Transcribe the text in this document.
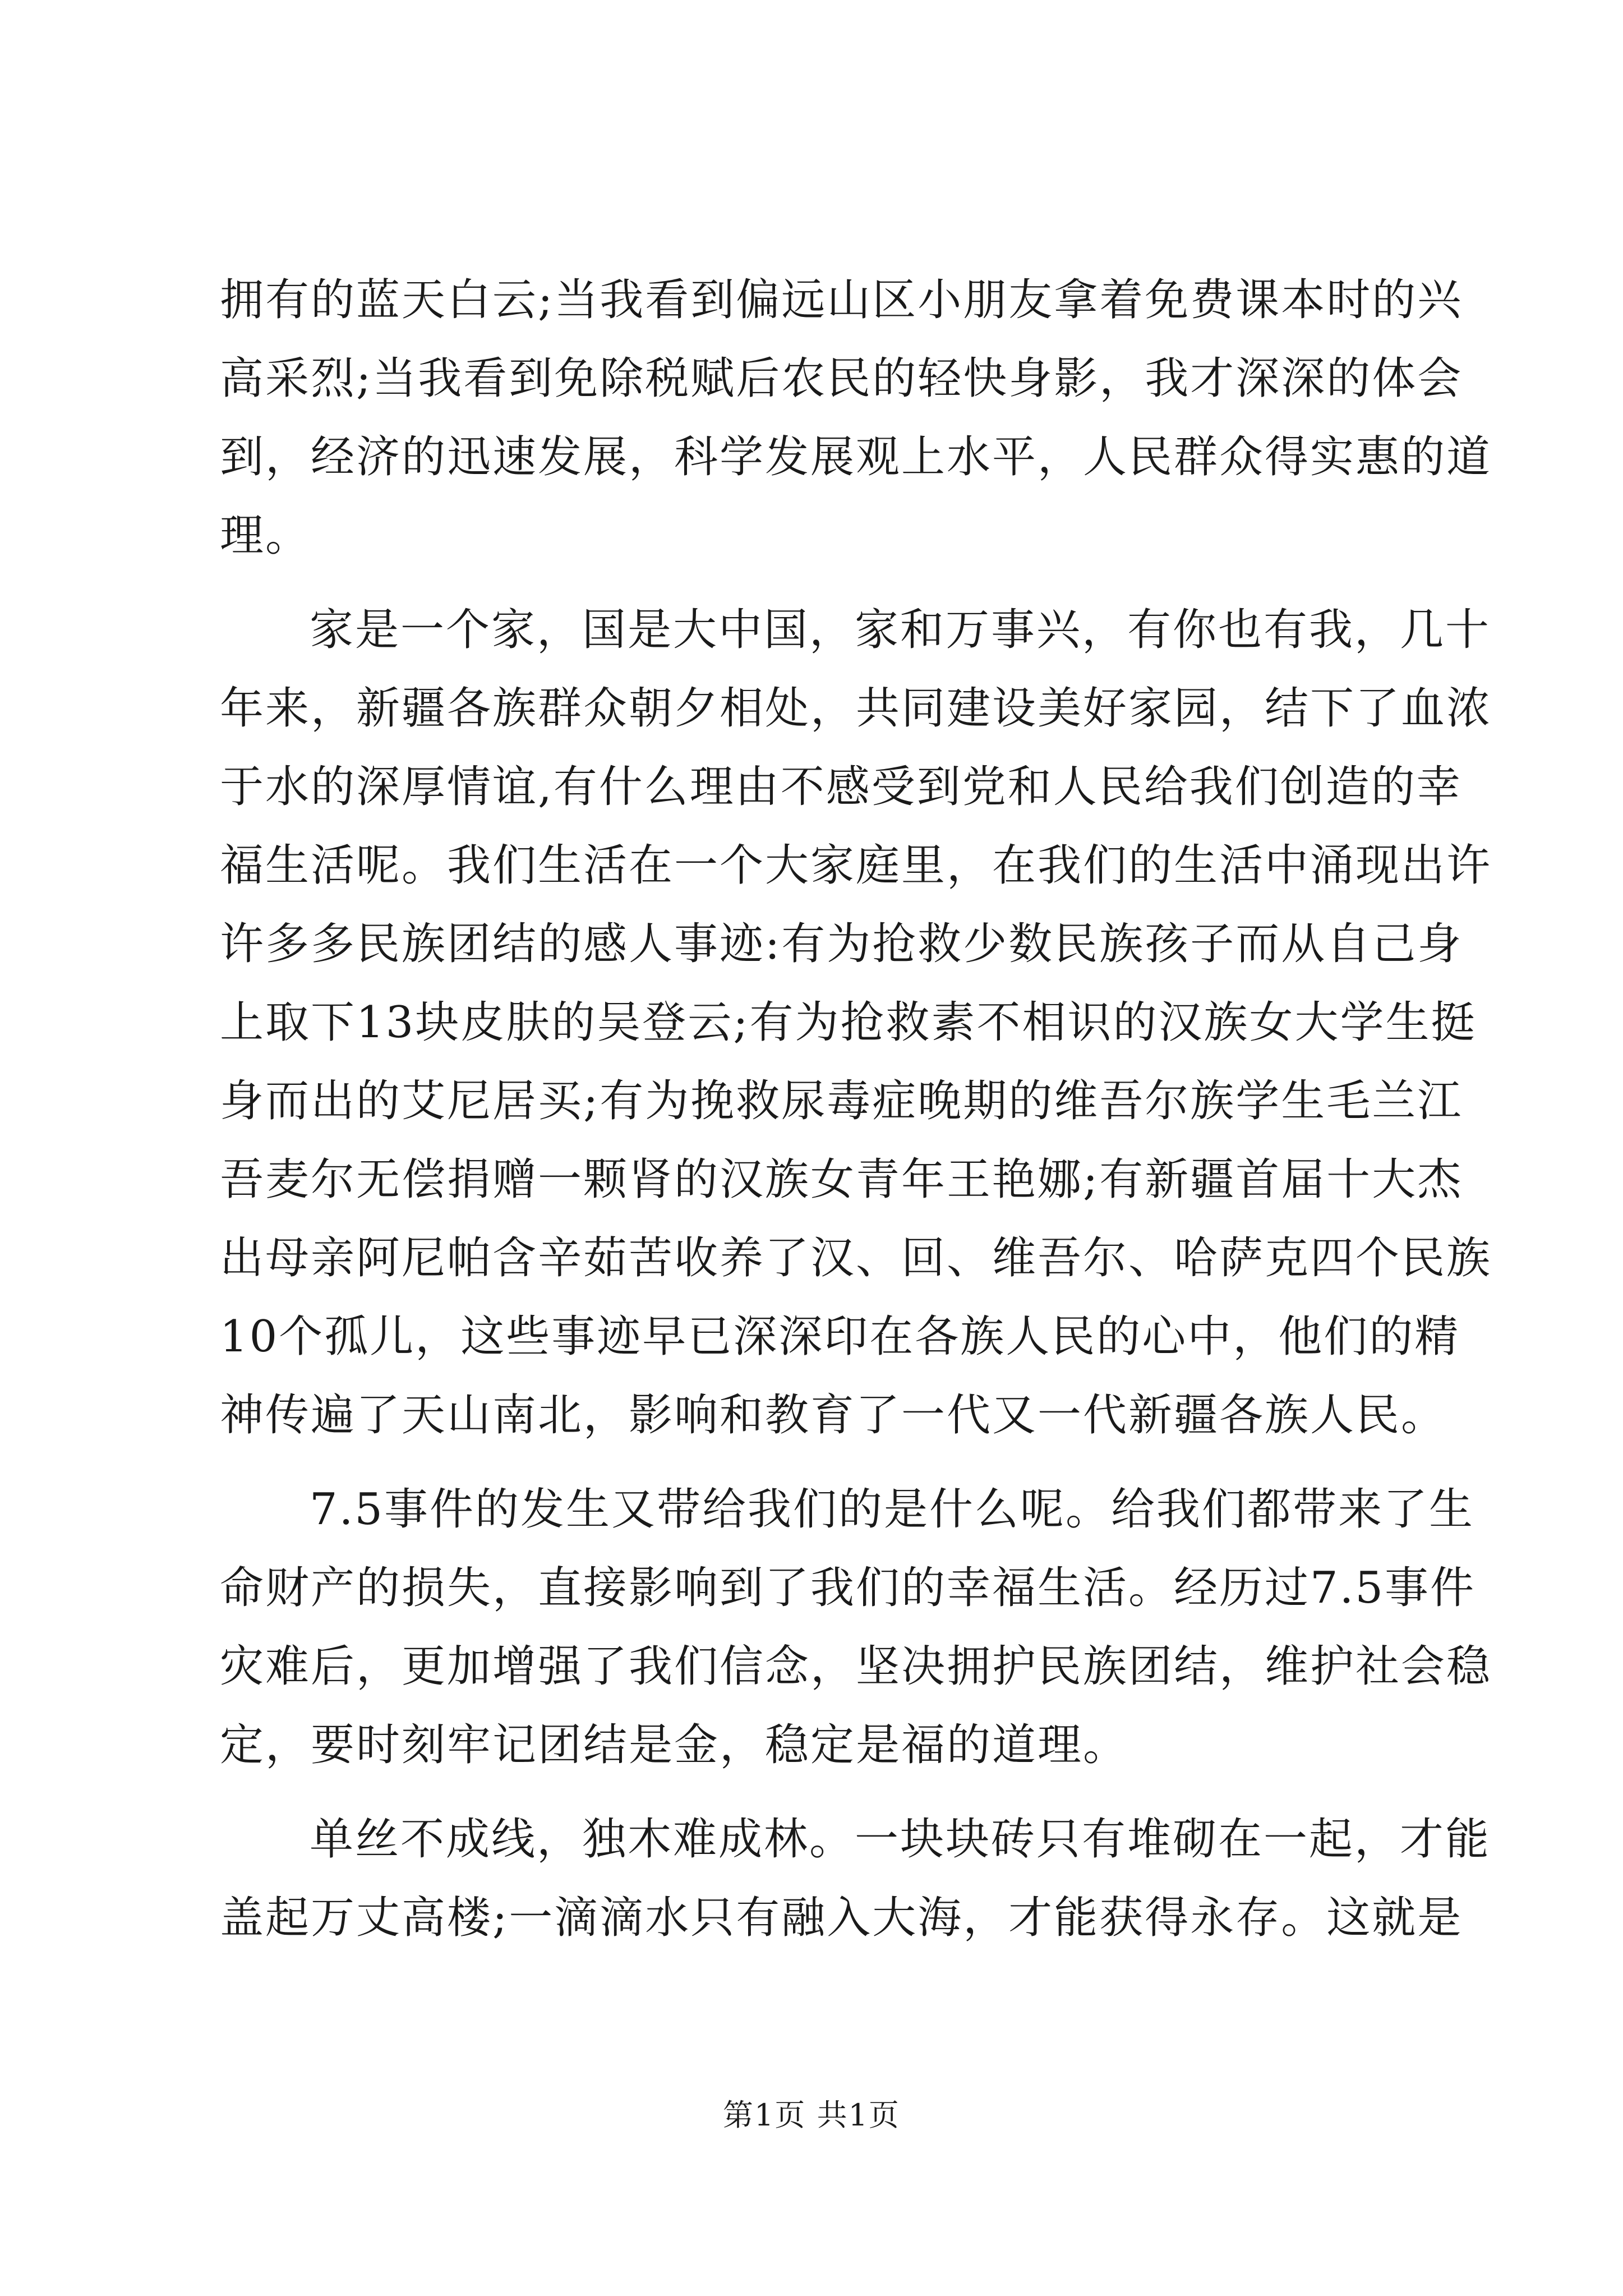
拥有的蓝天白云;当我看到偏远山区小朋友拿着免费课本时的兴
高采烈;当我看到免除税赋后农民的轻快身影，我才深深的体会
到，经济的迅速发展，科学发展观上水平，人民群众得实惠的道
理。
家是一个家，国是大中国，家和万事兴，有你也有我，几十
年来，新疆各族群众朝夕相处，共同建设美好家园，结下了血浓
于水的深厚情谊,有什么理由不感受到党和人民给我们创造的幸
福生活呢。我们生活在一个大家庭里，在我们的生活中涌现出许
许多多民族团结的感人事迹:有为抢救少数民族孩子而从自己身
上取下13块皮肤的吴登云;有为抢救素不相识的汉族女大学生挺
身而出的艾尼居买;有为挽救尿毒症晚期的维吾尔族学生毛兰江
吾麦尔无偿捐赠一颗肾的汉族女青年王艳娜;有新疆首届十大杰
出母亲阿尼帕含辛茹苦收养了汉、回、维吾尔、哈萨克四个民族
10个孤儿，这些事迹早已深深印在各族人民的心中，他们的精
神传遍了天山南北，影响和教育了一代又一代新疆各族人民。
7.5事件的发生又带给我们的是什么呢。给我们都带来了生
命财产的损失，直接影响到了我们的幸福生活。经历过7.5事件
灾难后，更加增强了我们信念，坚决拥护民族团结，维护社会稳
定，要时刻牢记团结是金，稳定是福的道理。
单丝不成线，独木难成林。一块块砖只有堆砌在一起，才能
盖起万丈高楼;一滴滴水只有融入大海，才能获得永存。这就是
第1页 共1页
